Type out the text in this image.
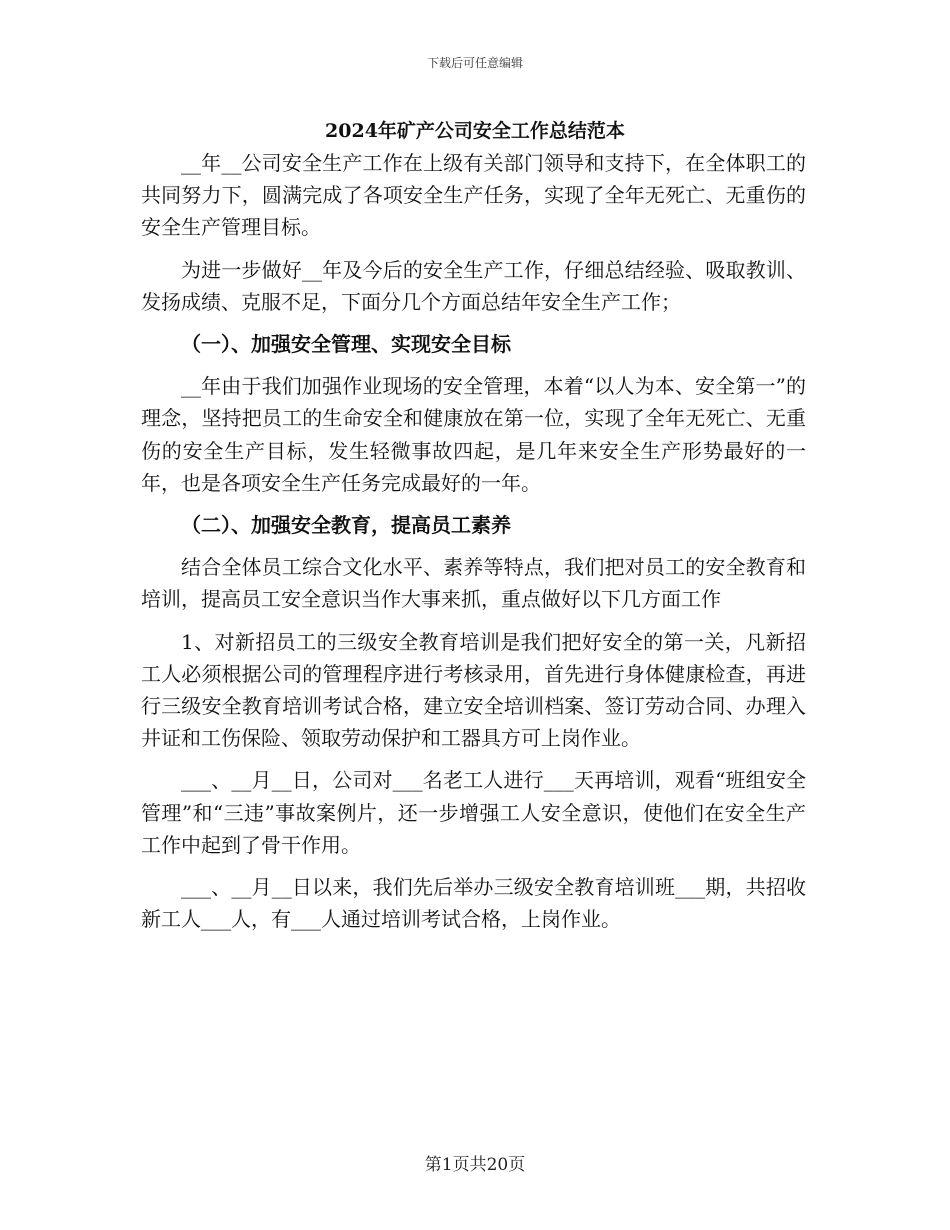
下载后可任意编辑
2024年矿产公司安全工作总结范本

__年__公司安全生产工作在上级有关部门领导和支持下，在全体职工的共同努力下，圆满完成了各项安全生产任务，实现了全年无死亡、无重伤的安全生产管理目标。

为进一步做好__年及今后的安全生产工作，仔细总结经验、吸取教训、发扬成绩、克服不足，下面分几个方面总结年安全生产工作；

（一）、加强安全管理、实现安全目标

__年由于我们加强作业现场的安全管理，本着“以人为本、安全第一”的理念，坚持把员工的生命安全和健康放在第一位，实现了全年无死亡、无重伤的安全生产目标，发生轻微事故四起，是几年来安全生产形势最好的一年，也是各项安全生产任务完成最好的一年。

（二）、加强安全教育，提高员工素养

结合全体员工综合文化水平、素养等特点，我们把对员工的安全教育和培训，提高员工安全意识当作大事来抓，重点做好以下几方面工作

1、对新招员工的三级安全教育培训是我们把好安全的第一关，凡新招工人必须根据公司的管理程序进行考核录用，首先进行身体健康检查，再进行三级安全教育培训考试合格，建立安全培训档案、签订劳动合同、办理入井证和工伤保险、领取劳动保护和工器具方可上岗作业。

___、__月__日，公司对___名老工人进行___天再培训，观看“班组安全管理”和“三违”事故案例片，还一步增强工人安全意识，使他们在安全生产工作中起到了骨干作用。

___、__月__日以来，我们先后举办三级安全教育培训班___期，共招收新工人___人，有___人通过培训考试合格，上岗作业。

第1页共20页
